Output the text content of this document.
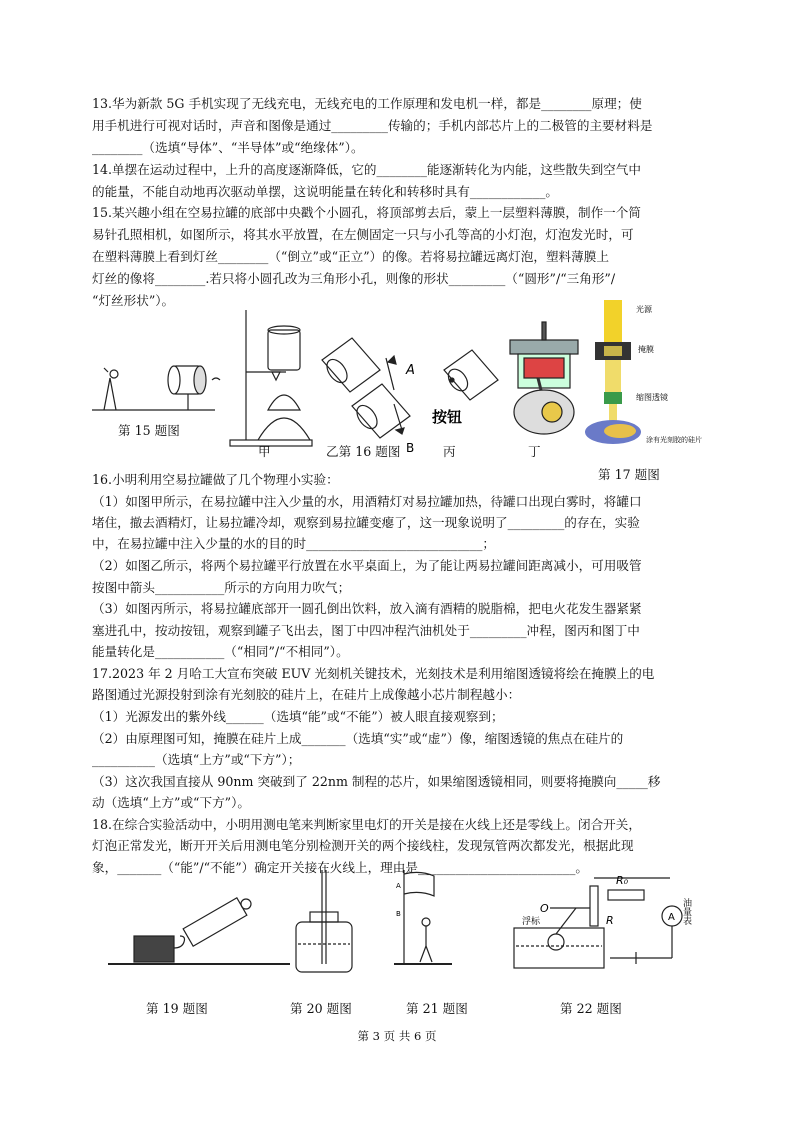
13.华为新款 5G 手机实现了无线充电，无线充电的工作原理和发电机一样，都是________原理；使
用手机进行可视对话时，声音和图像是通过_________传输的；手机内部芯片上的二极管的主要材料是
________（选填“导体”、“半导体”或“绝缘体”）。
14.单摆在运动过程中，上升的高度逐渐降低，它的________能逐渐转化为内能，这些散失到空气中
的能量，不能自动地再次驱动单摆，这说明能量在转化和转移时具有____________。
15.某兴趣小组在空易拉罐的底部中央戳个小圆孔，将顶部剪去后，蒙上一层塑料薄膜，制作一个简
易针孔照相机，如图所示，将其水平放置，在左侧固定一只与小孔等高的小灯泡，灯泡发光时，可
在塑料薄膜上看到灯丝________（“倒立”或“正立”）的像。若将易拉罐远离灯泡，塑料薄膜上
灯丝的像将________.若只将小圆孔改为三角形小孔，则像的形状_________（“圆形”/“三角形”/
“灯丝形状”）。
A
B
按钮
光源
掩膜
缩图透镜
涂有光刻胶的硅片
第 15 题图
甲	乙第 16 题图	丙	丁
第 17 题图
16.小明利用空易拉罐做了几个物理小实验：
（1）如图甲所示，在易拉罐中注入少量的水，用酒精灯对易拉罐加热，待罐口出现白雾时，将罐口
堵住，撤去酒精灯，让易拉罐冷却，观察到易拉罐变瘪了，这一现象说明了_________的存在，实验
中，在易拉罐中注入少量的水的目的时____________________________；
（2）如图乙所示，将两个易拉罐平行放置在水平桌面上，为了能让两易拉罐间距离减小，可用吸管
按图中箭头___________所示的方向用力吹气；
（3）如图丙所示，将易拉罐底部开一圆孔倒出饮料，放入滴有酒精的脱脂棉，把电火花发生器紧紧
塞进孔中，按动按钮，观察到罐子飞出去，图丁中四冲程汽油机处于_________冲程，图丙和图丁中
能量转化是___________（“相同”/“不相同”）。
17.2023 年 2 月哈工大宣布突破 EUV 光刻机关键技术，光刻技术是利用缩图透镜将绘在掩膜上的电
路图通过光源投射到涂有光刻胶的硅片上，在硅片上成像越小芯片制程越小：
（1）光源发出的紫外线______（选填“能”或“不能”）被人眼直接观察到；
（2）由原理图可知，掩膜在硅片上成_______（选填“实”或“虚”）像，缩图透镜的焦点在硅片的
__________（选填“上方”或“下方”）；
（3）这次我国直接从 90nm 突破到了 22nm 制程的芯片，如果缩图透镜相同，则要将掩膜向_____移
动（选填“上方”或“下方”）。
18.在综合实验活动中，小明用测电笔来判断家里电灯的开关是接在火线上还是零线上。闭合开关，
灯泡正常发光，断开开关后用测电笔分别检测开关的两个接线柱，发现氖管两次都发光，根据此现
象，_______（“能”/“不能”）确定开关接在火线上，理由是_________________________。
A
B	O
R₀
R
浮标	A 油量表
第 19 题图	第 20 题图	第 21 题图	第 22 题图
第 3 页 共 6 页
